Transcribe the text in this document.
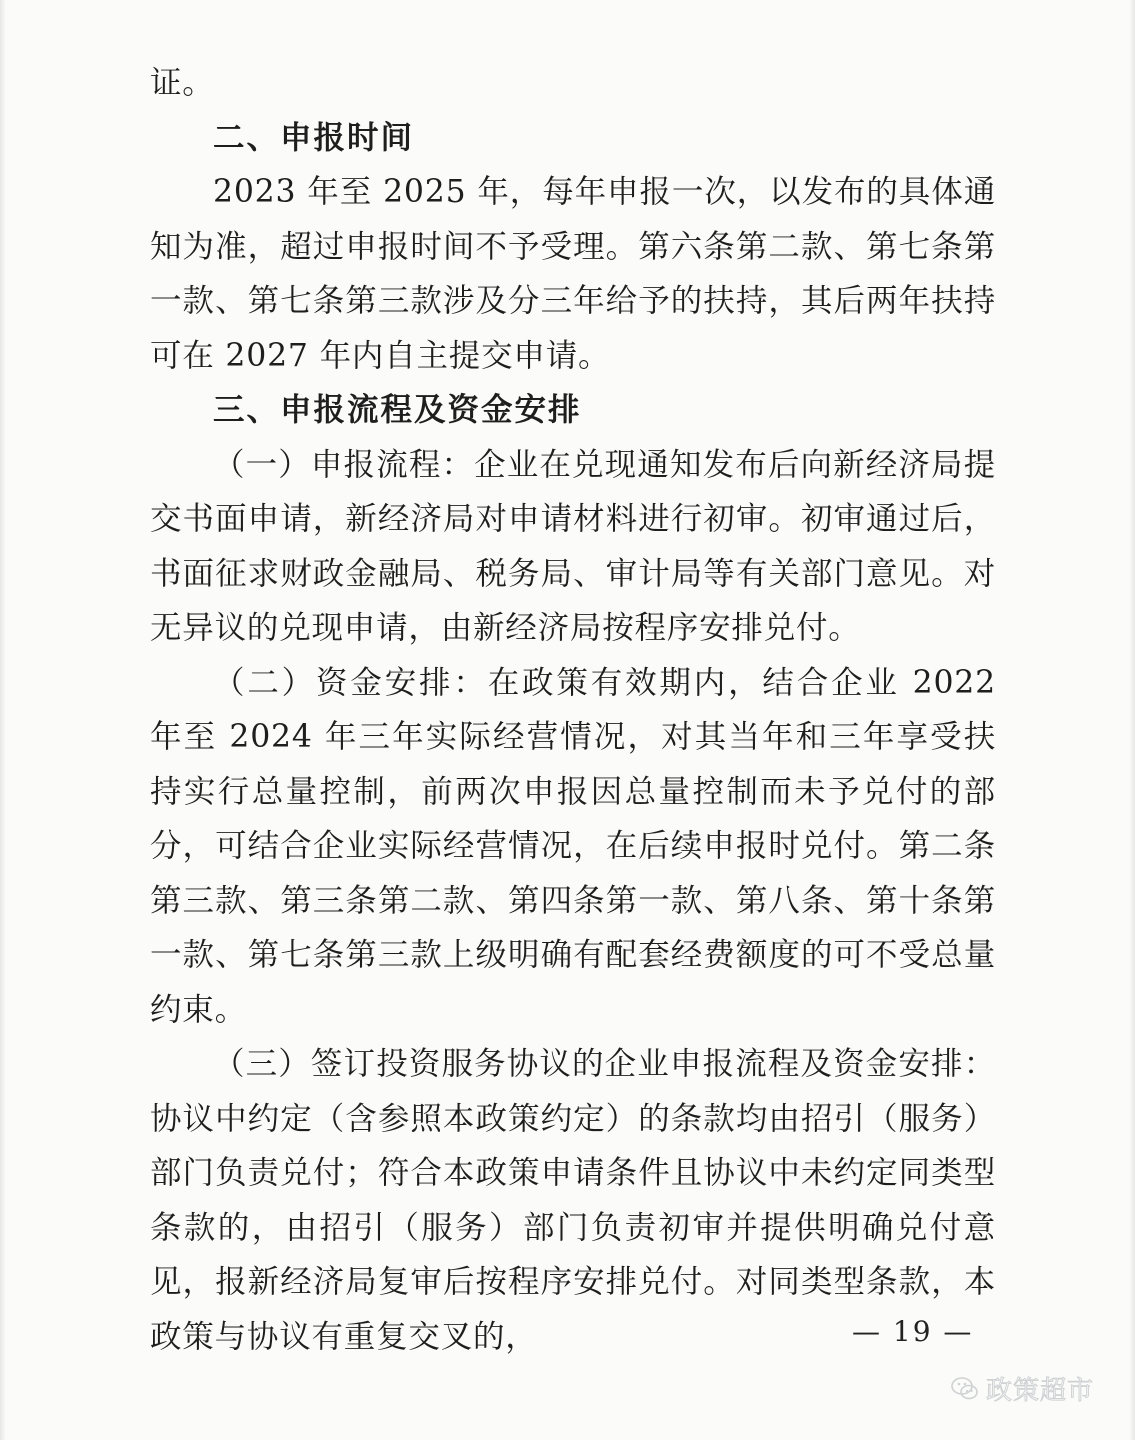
证。

二、申报时间

2023 年至 2025 年，每年申报一次，以发布的具体通知为准，超过申报时间不予受理。第六条第二款、第七条第一款、第七条第三款涉及分三年给予的扶持，其后两年扶持可在 2027 年内自主提交申请。

三、申报流程及资金安排

（一）申报流程：企业在兑现通知发布后向新经济局提交书面申请，新经济局对申请材料进行初审。初审通过后，书面征求财政金融局、税务局、审计局等有关部门意见。对无异议的兑现申请，由新经济局按程序安排兑付。

（二）资金安排：在政策有效期内，结合企业 2022 年至 2024 年三年实际经营情况，对其当年和三年享受扶持实行总量控制，前两次申报因总量控制而未予兑付的部分，可结合企业实际经营情况，在后续申报时兑付。第二条第三款、第三条第二款、第四条第一款、第八条、第十条第一款、第七条第三款上级明确有配套经费额度的可不受总量约束。

（三）签订投资服务协议的企业申报流程及资金安排：协议中约定（含参照本政策约定）的条款均由招引（服务）部门负责兑付；符合本政策申请条件且协议中未约定同类型条款的，由招引（服务）部门负责初审并提供明确兑付意见，报新经济局复审后按程序安排兑付。对同类型条款，本政策与协议有重复交叉的，	— 19 —
政策超市
